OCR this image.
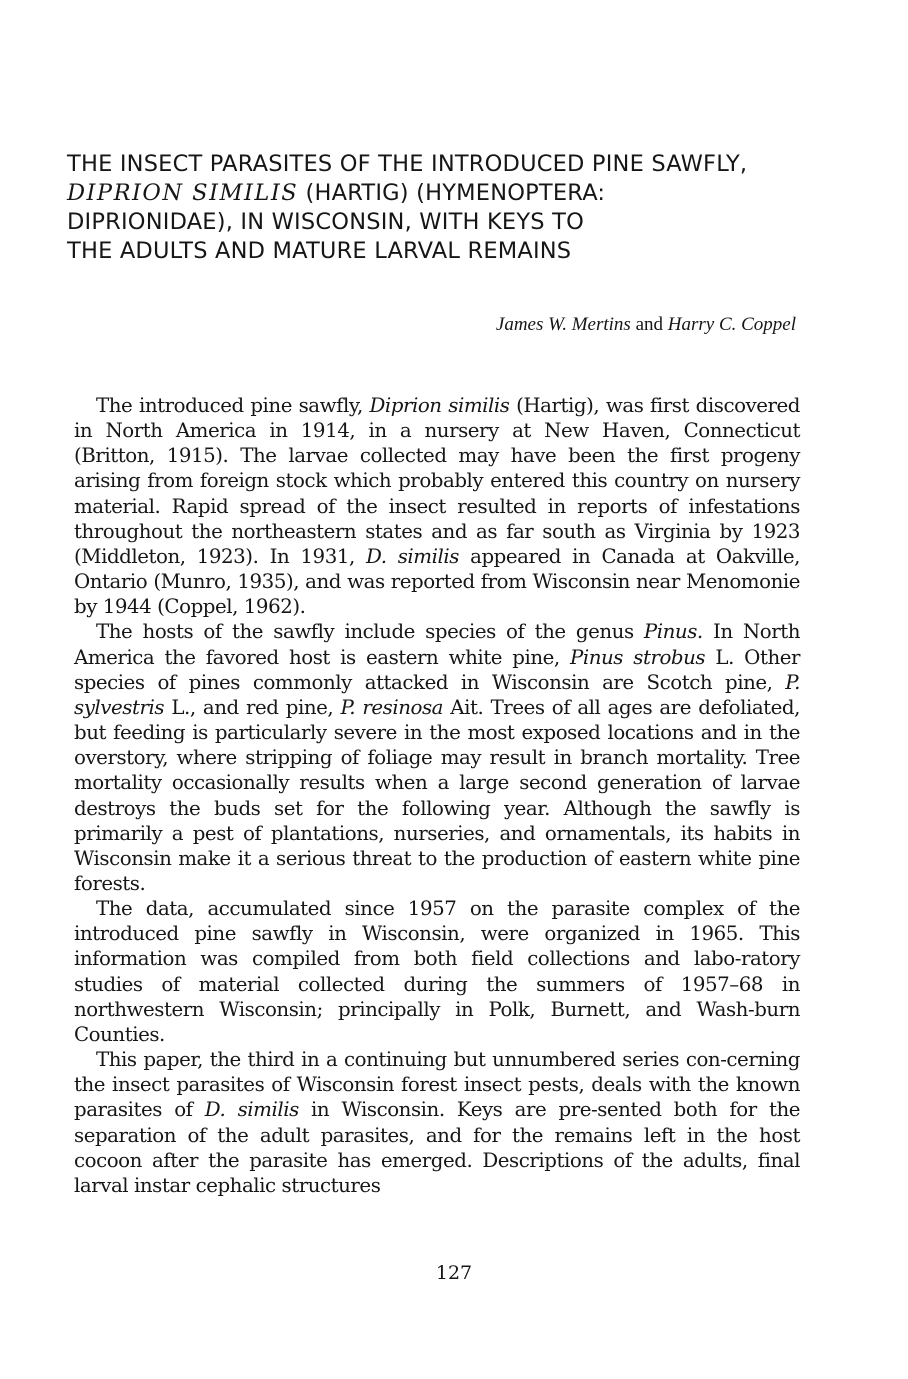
THE INSECT PARASITES OF THE INTRODUCED PINE SAWFLY,
DIPRION SIMILIS (HARTIG) (HYMENOPTERA:
DIPRIONIDAE), IN WISCONSIN, WITH KEYS TO
THE ADULTS AND MATURE LARVAL REMAINS
James W. Mertins and Harry C. Coppel

The introduced pine sawfly, Diprion similis (Hartig), was first discovered in North America in 1914, in a nursery at New Haven, Connecticut (Britton, 1915). The larvae collected may have been the first progeny arising from foreign stock which probably entered this country on nursery material. Rapid spread of the insect resulted in reports of infestations throughout the northeastern states and as far south as Virginia by 1923 (Middleton, 1923). In 1931, D. similis appeared in Canada at Oakville, Ontario (Munro, 1935), and was reported from Wisconsin near Menomonie by 1944 (Coppel, 1962).

The hosts of the sawfly include species of the genus Pinus. In North America the favored host is eastern white pine, Pinus strobus L. Other species of pines commonly attacked in Wisconsin are Scotch pine, P. sylvestris L., and red pine, P. resinosa Ait. Trees of all ages are defoliated, but feeding is particularly severe in the most exposed locations and in the overstory, where stripping of foliage may result in branch mortality. Tree mortality occasionally results when a large second generation of larvae destroys the buds set for the following year. Although the sawfly is primarily a pest of plantations, nurseries, and ornamentals, its habits in Wisconsin make it a serious threat to the production of eastern white pine forests.

The data, accumulated since 1957 on the parasite complex of the introduced pine sawfly in Wisconsin, were organized in 1965. This information was compiled from both field collections and labo-ratory studies of material collected during the summers of 1957–68 in northwestern Wisconsin; principally in Polk, Burnett, and Wash-burn Counties.

This paper, the third in a continuing but unnumbered series con-cerning the insect parasites of Wisconsin forest insect pests, deals with the known parasites of D. similis in Wisconsin. Keys are pre-sented both for the separation of the adult parasites, and for the remains left in the host cocoon after the parasite has emerged. Descriptions of the adults, final larval instar cephalic structures

127
